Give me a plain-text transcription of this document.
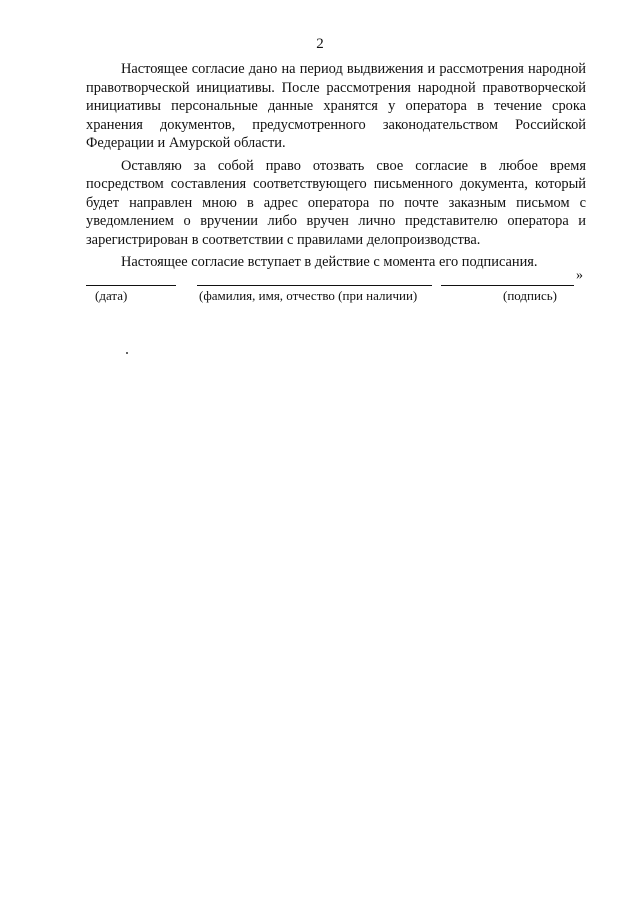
2

Настоящее согласие дано на период выдвижения и рассмотрения народной правотворческой инициативы. После рассмотрения народной правотворческой инициативы персональные данные хранятся у оператора в течение срока хранения документов, предусмотренного законодательством Российской Федерации и Амурской области.

Оставляю за собой право отозвать свое согласие в любое время посредством составления соответствующего письменного документа, который будет направлен мною в адрес оператора по почте заказным письмом с уведомлением о вручении либо вручен лично представителю оператора и зарегистрирован в соответствии с правилами делопроизводства.

Настоящее согласие вступает в действие с момента его подписания.

»
(дата)	(фамилия, имя, отчество (при наличии)	(подпись)
